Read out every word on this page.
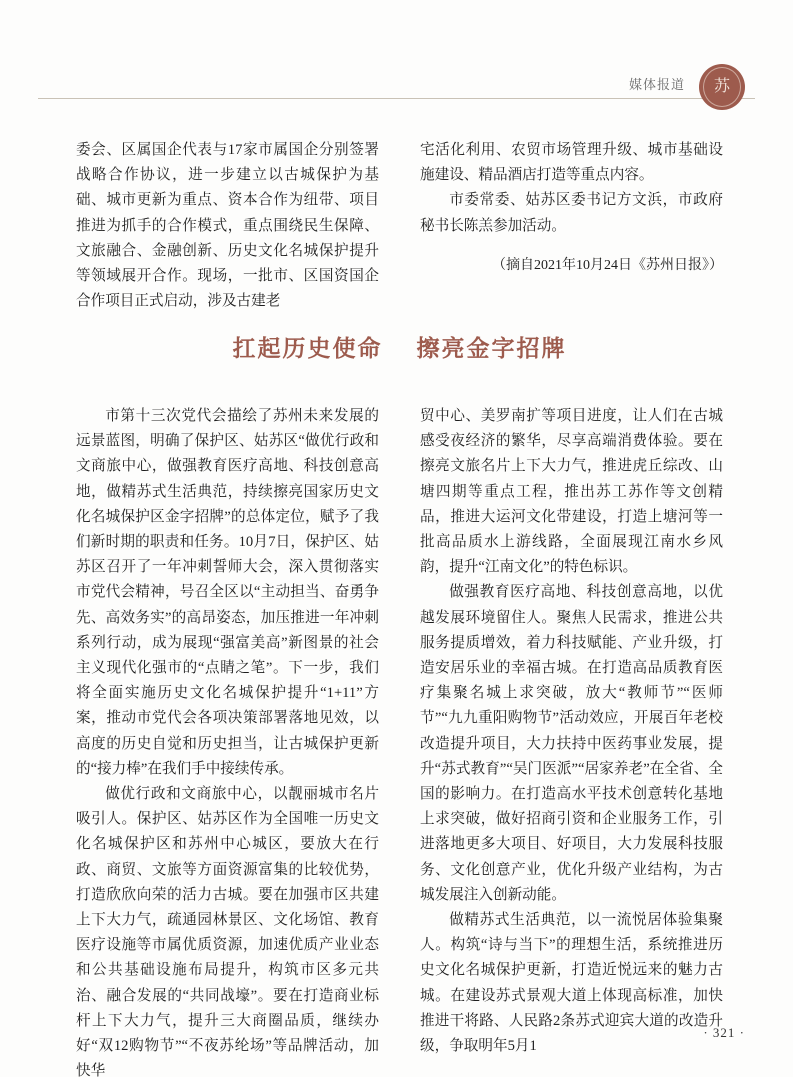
媒体报道	苏

委会、区属国企代表与17家市属国企分别签署战略合作协议，进一步建立以古城保护为基础、城市更新为重点、资本合作为纽带、项目推进为抓手的合作模式，重点围绕民生保障、文旅融合、金融创新、历史文化名城保护提升等领域展开合作。现场，一批市、区国资国企合作项目正式启动，涉及古建老

宅活化利用、农贸市场管理升级、城市基础设施建设、精品酒店打造等重点内容。

市委常委、姑苏区委书记方文浜，市政府秘书长陈羔参加活动。

（摘自2021年10月24日《苏州日报》）

扛起历史使命 擦亮金字招牌

市第十三次党代会描绘了苏州未来发展的远景蓝图，明确了保护区、姑苏区“做优行政和文商旅中心，做强教育医疗高地、科技创意高地，做精苏式生活典范，持续擦亮国家历史文化名城保护区金字招牌”的总体定位，赋予了我们新时期的职责和任务。10月7日，保护区、姑苏区召开了一年冲刺誓师大会，深入贯彻落实市党代会精神，号召全区以“主动担当、奋勇争先、高效务实”的高昂姿态，加压推进一年冲刺系列行动，成为展现“强富美高”新图景的社会主义现代化强市的“点睛之笔”。下一步，我们将全面实施历史文化名城保护提升“1+11”方案，推动市党代会各项决策部署落地见效，以高度的历史自觉和历史担当，让古城保护更新的“接力棒”在我们手中接续传承。

做优行政和文商旅中心，以靓丽城市名片吸引人。保护区、姑苏区作为全国唯一历史文化名城保护区和苏州中心城区，要放大在行政、商贸、文旅等方面资源富集的比较优势，打造欣欣向荣的活力古城。要在加强市区共建上下大力气，疏通园林景区、文化场馆、教育医疗设施等市属优质资源，加速优质产业业态和公共基础设施布局提升，构筑市区多元共治、融合发展的“共同战壕”。要在打造商业标杆上下大力气，提升三大商圈品质，继续办好“双12购物节”“不夜苏纶场”等品牌活动，加快华

贸中心、美罗南扩等项目进度，让人们在古城感受夜经济的繁华，尽享高端消费体验。要在擦亮文旅名片上下大力气，推进虎丘综改、山塘四期等重点工程，推出苏工苏作等文创精品，推进大运河文化带建设，打造上塘河等一批高品质水上游线路，全面展现江南水乡风韵，提升“江南文化”的特色标识。

做强教育医疗高地、科技创意高地，以优越发展环境留住人。聚焦人民需求，推进公共服务提质增效，着力科技赋能、产业升级，打造安居乐业的幸福古城。在打造高品质教育医疗集聚名城上求突破，放大“教师节”“医师节”“九九重阳购物节”活动效应，开展百年老校改造提升项目，大力扶持中医药事业发展，提升“苏式教育”“吴门医派”“居家养老”在全省、全国的影响力。在打造高水平技术创意转化基地上求突破，做好招商引资和企业服务工作，引进落地更多大项目、好项目，大力发展科技服务、文化创意产业，优化升级产业结构，为古城发展注入创新动能。

做精苏式生活典范，以一流悦居体验集聚人。构筑“诗与当下”的理想生活，系统推进历史文化名城保护更新，打造近悦远来的魅力古城。在建设苏式景观大道上体现高标准，加快推进干将路、人民路2条苏式迎宾大道的改造升级，争取明年5月1

· 321 ·
